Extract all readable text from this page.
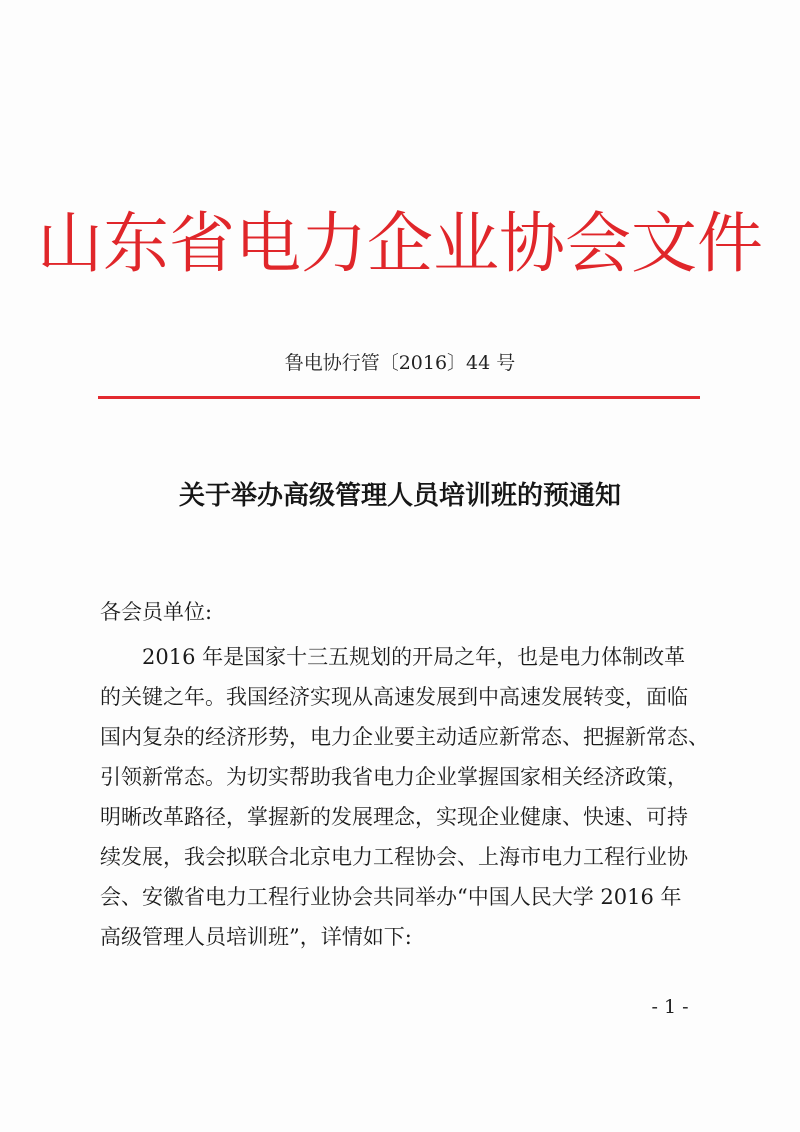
山东省电力企业协会文件
鲁电协行管〔2016〕44 号
关于举办高级管理人员培训班的预通知
各会员单位:
2016 年是国家十三五规划的开局之年，也是电力体制改革
的关键之年。我国经济实现从高速发展到中高速发展转变，面临
国内复杂的经济形势，电力企业要主动适应新常态、把握新常态、
引领新常态。为切实帮助我省电力企业掌握国家相关经济政策，
明晰改革路径，掌握新的发展理念，实现企业健康、快速、可持
续发展，我会拟联合北京电力工程协会、上海市电力工程行业协
会、安徽省电力工程行业协会共同举办“中国人民大学 2016 年
高级管理人员培训班”，详情如下:
- 1 -
